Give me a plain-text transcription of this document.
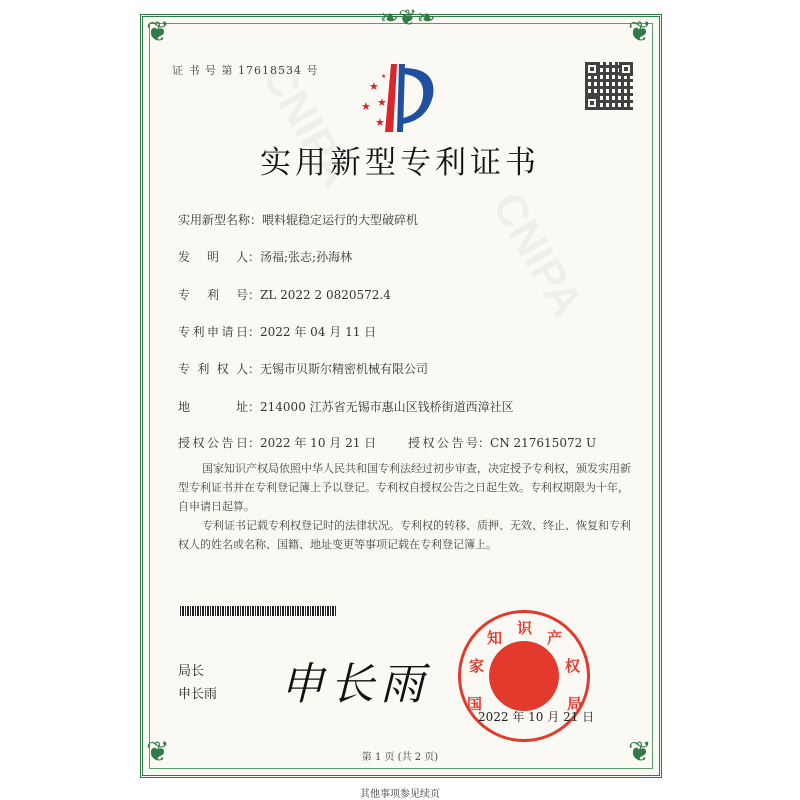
❦	❦
❦	❦
❧❦❧
证 书 号 第 17618534 号
★
★
★
★
★
实用新型专利证书
实用新型名称：喂料辊稳定运行的大型破碎机
发明人：汤福;张志;孙海林
专利号：ZL 2022 2 0820572.4
专利申请日：2022 年 04 月 11 日
专利权人：无锡市贝斯尔精密机械有限公司
地址：214000 江苏省无锡市惠山区钱桥街道西漳社区
授权公告日：2022 年 10 月 21 日	授权公告号：CN 217615072 U
国家知识产权局依照中华人民共和国专利法经过初步审查，决定授予专利权，颁发实用新型专利证书并在专利登记簿上予以登记。专利权自授权公告之日起生效。专利权期限为十年，自申请日起算。
专利证书记载专利权登记时的法律状况。专利权的转移、质押、无效、终止、恢复和专利权人的姓名或名称、国籍、地址变更等事项记载在专利登记簿上。
局长
申长雨 申长雨 国
家
知
识
产
权
局
2022 年 10 月 21 日
第 1 页 (共 2 页)
其他事项参见续页
